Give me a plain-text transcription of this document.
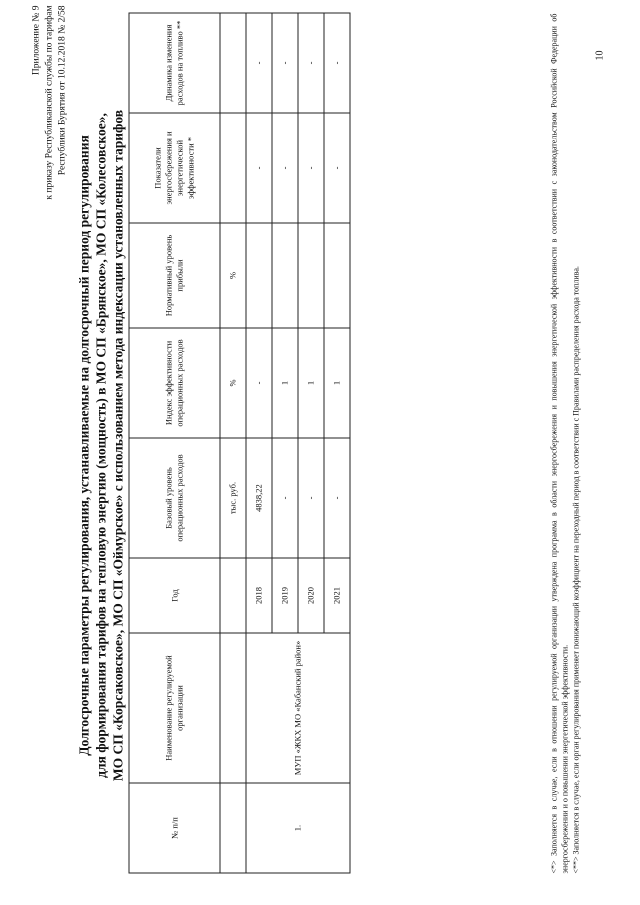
Приложение № 9 к приказу Республиканской службы по тарифам Республики Бурятия от 10.12.2018 № 2/58
Долгосрочные параметры регулирования, устанавливаемые на долгосрочный период регулирования для формирования тарифов на тепловую энергию (мощность) в МО СП «Брянское», МО СП «Колесовское», МО СП «Корсаковское», МО СП «Оймурское» с использованием метода индексации установленных тарифов
№ п/п	Наименование регулируемой организации	Год	Базовый уровень операционных расходов	Индекс эффективности операционных расходов	Нормативный уровень прибыли	Показатели энергосбережения и энергетической эффективности *	Динамика изменения расходов на топливо **
			тыс. руб.	%	%		
1.	МУП «ЖКХ МО «Кабанский район»	2018	4838,22	-		-	-
		2019	-	1		-	-
		2020	-	1		-	-
		2021	-	1		-	-	<*> Заполняется в случае, если в отношении регулируемой организации утверждена программа в области энергосбережения и повышения энергетической эффективности в соответствии с законодательством Российской Федерации об энергосбережении и о повышении энергетической эффективности. <**> Заполняется в случае, если орган регулирования применяет понижающий коэффициент на переходный период в соответствии с Правилами распределения расхода топлива.

10
